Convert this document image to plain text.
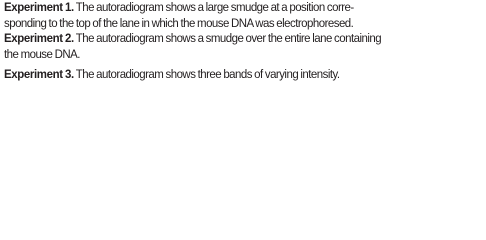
Experiment 1. The autoradiogram shows a large smudge at a position corre-
sponding to the top of the lane in which the mouse DNA was electrophoresed.

Experiment 2. The autoradiogram shows a smudge over the entire lane containing
the mouse DNA.

Experiment 3. The autoradiogram shows three bands of varying intensity.
